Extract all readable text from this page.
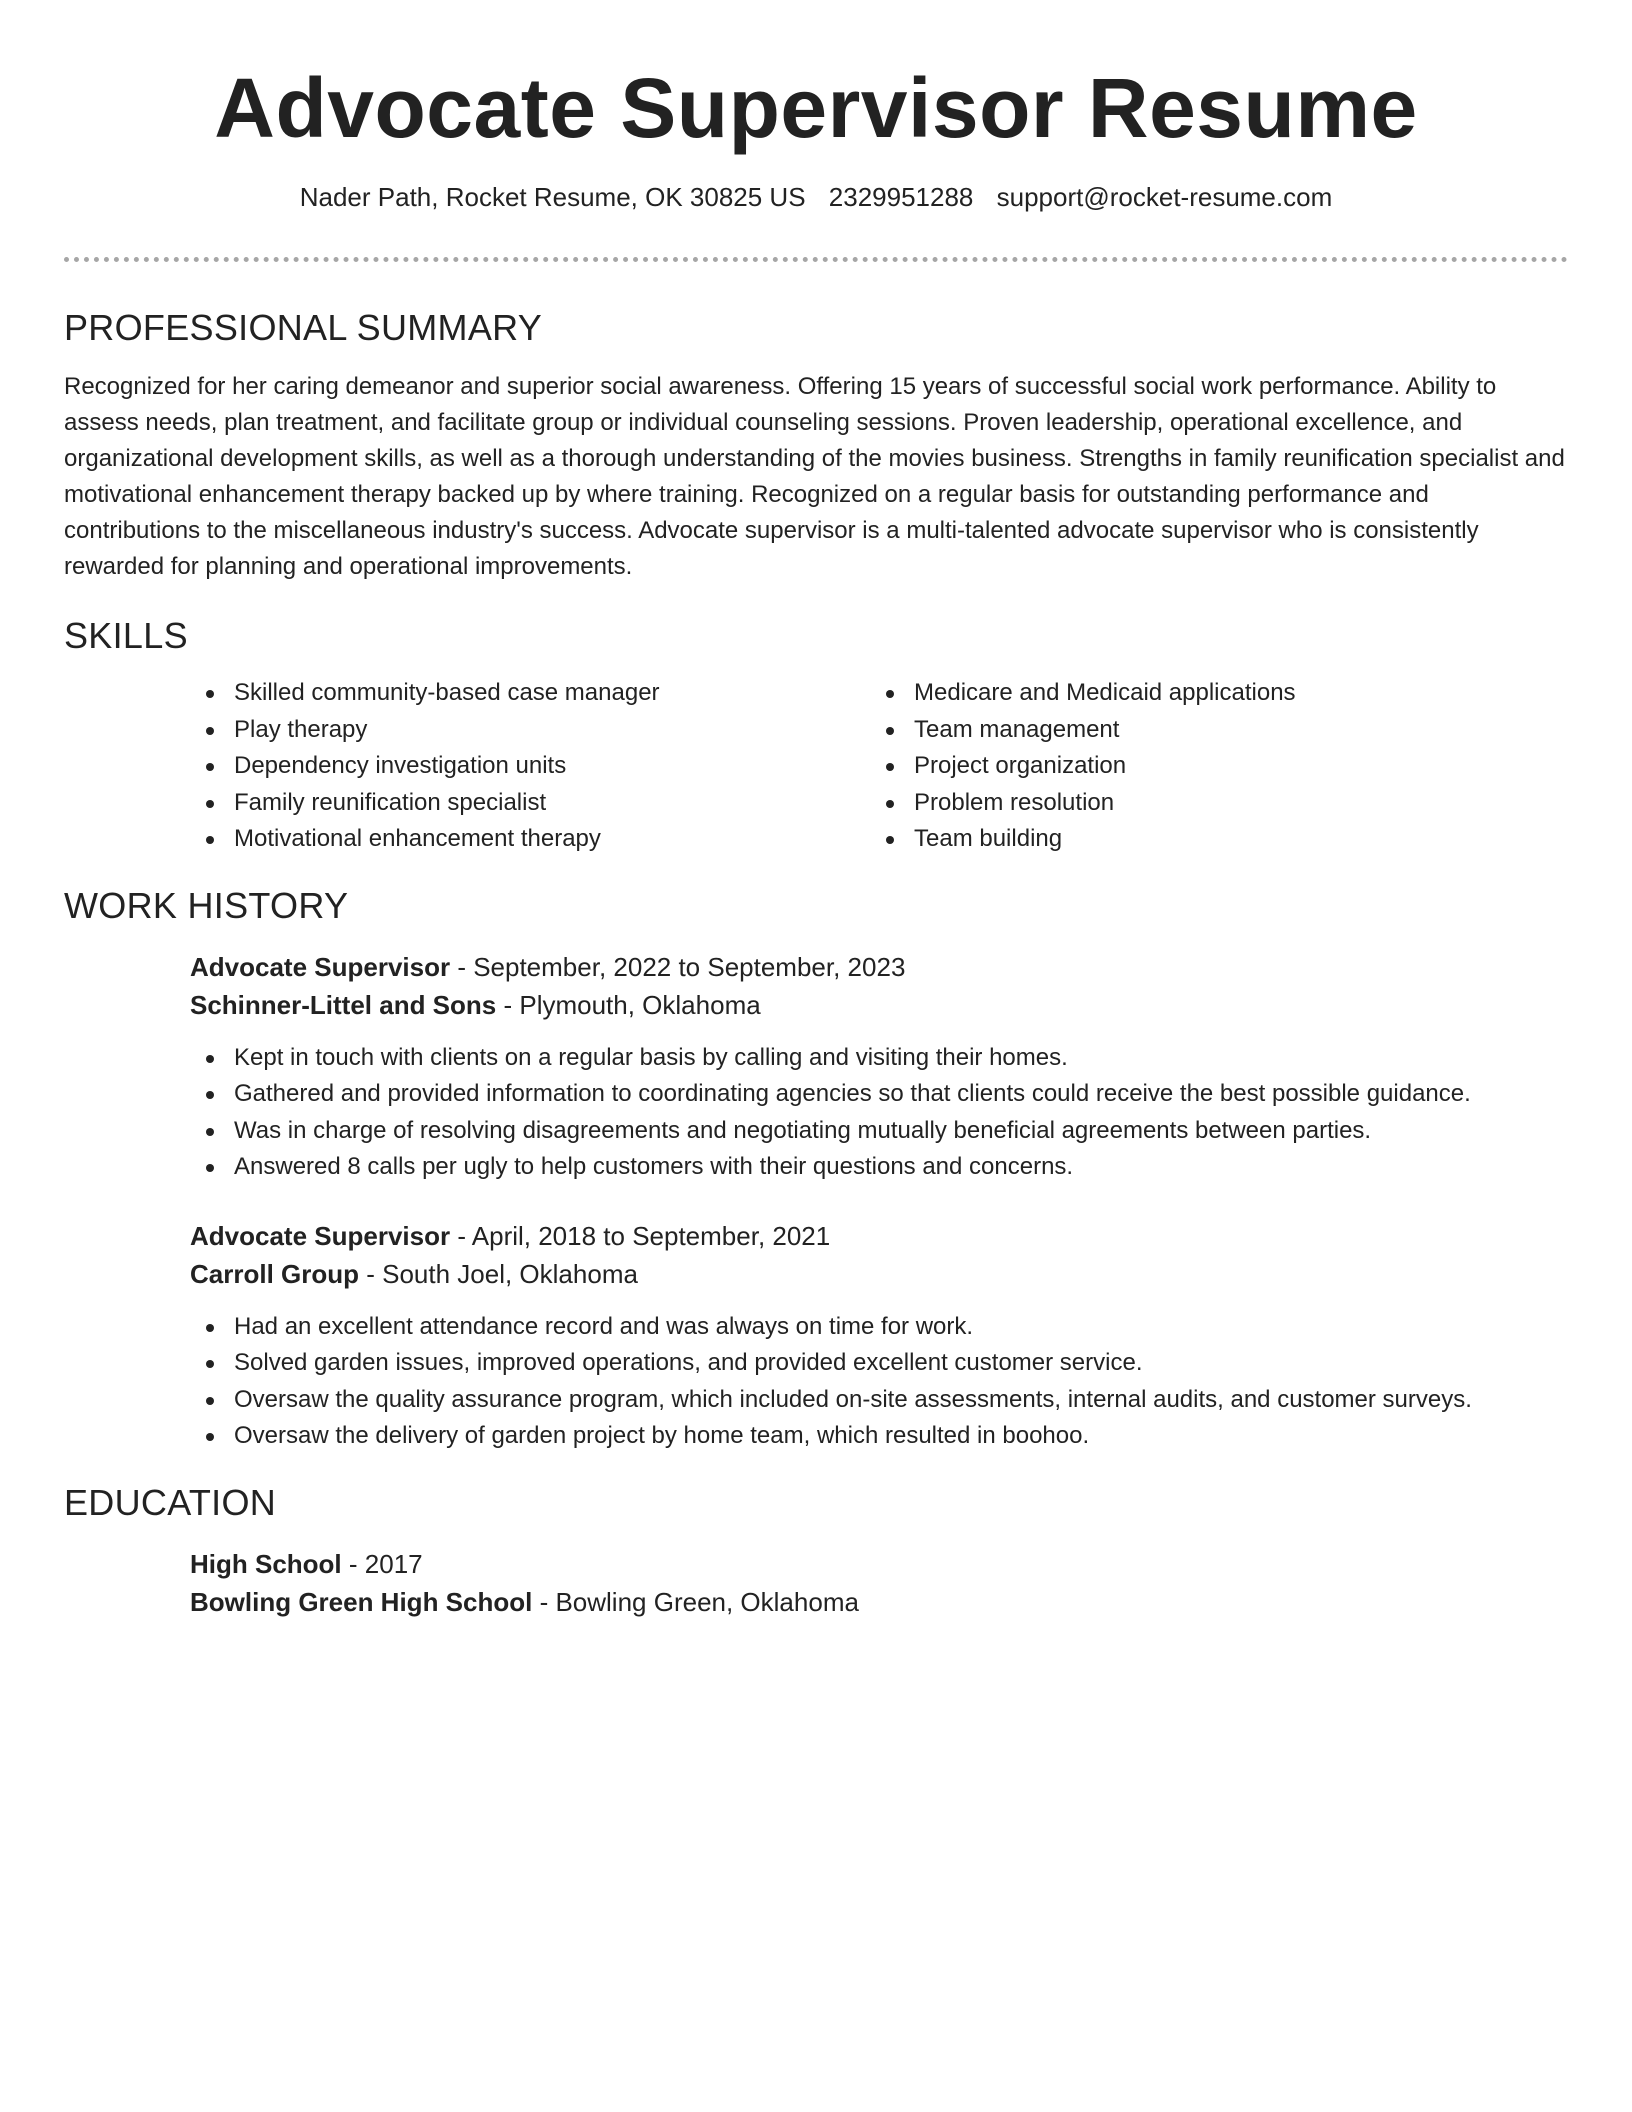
Advocate Supervisor Resume
Nader Path, Rocket Resume, OK 30825 US 2329951288 support@rocket-resume.com
PROFESSIONAL SUMMARY

Recognized for her caring demeanor and superior social awareness. Offering 15 years of successful social work performance. Ability to assess needs, plan treatment, and facilitate group or individual counseling sessions. Proven leadership, operational excellence, and organizational development skills, as well as a thorough understanding of the movies business. Strengths in family reunification specialist and motivational enhancement therapy backed up by where training. Recognized on a regular basis for outstanding performance and contributions to the miscellaneous industry's success. Advocate supervisor is a multi-talented advocate supervisor who is consistently rewarded for planning and operational improvements.

SKILLS
Skilled community-based case manager
Play therapy
Dependency investigation units
Family reunification specialist
Motivational enhancement therapy
Medicare and Medicaid applications
Team management
Project organization
Problem resolution
Team building
WORK HISTORY
Advocate Supervisor - September, 2022 to September, 2023
Schinner-Littel and Sons - Plymouth, Oklahoma
Kept in touch with clients on a regular basis by calling and visiting their homes.
Gathered and provided information to coordinating agencies so that clients could receive the best possible guidance.
Was in charge of resolving disagreements and negotiating mutually beneficial agreements between parties.
Answered 8 calls per ugly to help customers with their questions and concerns.
Advocate Supervisor - April, 2018 to September, 2021
Carroll Group - South Joel, Oklahoma
Had an excellent attendance record and was always on time for work.
Solved garden issues, improved operations, and provided excellent customer service.
Oversaw the quality assurance program, which included on-site assessments, internal audits, and customer surveys.
Oversaw the delivery of garden project by home team, which resulted in boohoo.
EDUCATION
High School - 2017
Bowling Green High School - Bowling Green, Oklahoma
